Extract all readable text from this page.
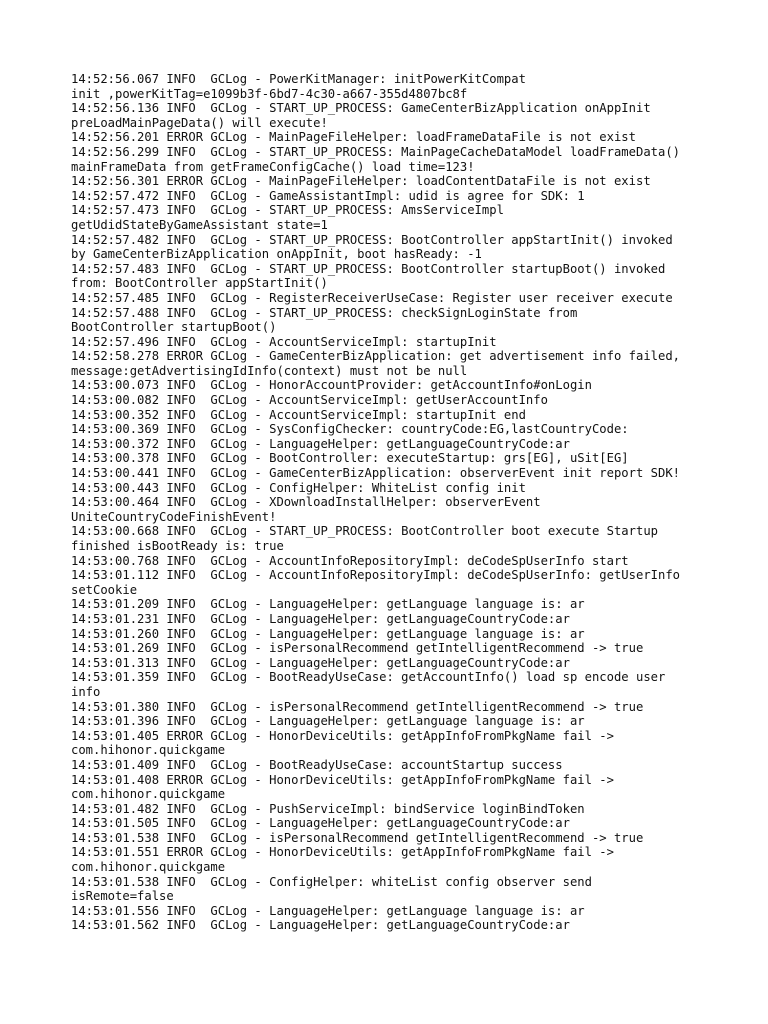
14:52:56.067 INFO  GCLog - PowerKitManager: initPowerKitCompat
init ,powerKitTag=e1099b3f-6bd7-4c30-a667-355d4807bc8f
14:52:56.136 INFO  GCLog - START_UP_PROCESS: GameCenterBizApplication onAppInit
preLoadMainPageData() will execute!
14:52:56.201 ERROR GCLog - MainPageFileHelper: loadFrameDataFile is not exist
14:52:56.299 INFO  GCLog - START_UP_PROCESS: MainPageCacheDataModel loadFrameData()
mainFrameData from getFrameConfigCache() load time=123!
14:52:56.301 ERROR GCLog - MainPageFileHelper: loadContentDataFile is not exist
14:52:57.472 INFO  GCLog - GameAssistantImpl: udid is agree for SDK: 1
14:52:57.473 INFO  GCLog - START_UP_PROCESS: AmsServiceImpl
getUdidStateByGameAssistant state=1
14:52:57.482 INFO  GCLog - START_UP_PROCESS: BootController appStartInit() invoked
by GameCenterBizApplication onAppInit, boot hasReady: -1
14:52:57.483 INFO  GCLog - START_UP_PROCESS: BootController startupBoot() invoked
from: BootController appStartInit()
14:52:57.485 INFO  GCLog - RegisterReceiverUseCase: Register user receiver execute
14:52:57.488 INFO  GCLog - START_UP_PROCESS: checkSignLoginState from
BootController startupBoot()
14:52:57.496 INFO  GCLog - AccountServiceImpl: startupInit
14:52:58.278 ERROR GCLog - GameCenterBizApplication: get advertisement info failed,
message:getAdvertisingIdInfo(context) must not be null
14:53:00.073 INFO  GCLog - HonorAccountProvider: getAccountInfo#onLogin
14:53:00.082 INFO  GCLog - AccountServiceImpl: getUserAccountInfo
14:53:00.352 INFO  GCLog - AccountServiceImpl: startupInit end
14:53:00.369 INFO  GCLog - SysConfigChecker: countryCode:EG,lastCountryCode:
14:53:00.372 INFO  GCLog - LanguageHelper: getLanguageCountryCode:ar
14:53:00.378 INFO  GCLog - BootController: executeStartup: grs[EG], uSit[EG]
14:53:00.441 INFO  GCLog - GameCenterBizApplication: observerEvent init report SDK!
14:53:00.443 INFO  GCLog - ConfigHelper: WhiteList config init
14:53:00.464 INFO  GCLog - XDownloadInstallHelper: observerEvent
UniteCountryCodeFinishEvent!
14:53:00.668 INFO  GCLog - START_UP_PROCESS: BootController boot execute Startup
finished isBootReady is: true
14:53:00.768 INFO  GCLog - AccountInfoRepositoryImpl: deCodeSpUserInfo start
14:53:01.112 INFO  GCLog - AccountInfoRepositoryImpl: deCodeSpUserInfo: getUserInfo
setCookie
14:53:01.209 INFO  GCLog - LanguageHelper: getLanguage language is: ar
14:53:01.231 INFO  GCLog - LanguageHelper: getLanguageCountryCode:ar
14:53:01.260 INFO  GCLog - LanguageHelper: getLanguage language is: ar
14:53:01.269 INFO  GCLog - isPersonalRecommend getIntelligentRecommend -> true
14:53:01.313 INFO  GCLog - LanguageHelper: getLanguageCountryCode:ar
14:53:01.359 INFO  GCLog - BootReadyUseCase: getAccountInfo() load sp encode user
info
14:53:01.380 INFO  GCLog - isPersonalRecommend getIntelligentRecommend -> true
14:53:01.396 INFO  GCLog - LanguageHelper: getLanguage language is: ar
14:53:01.405 ERROR GCLog - HonorDeviceUtils: getAppInfoFromPkgName fail ->
com.hihonor.quickgame
14:53:01.409 INFO  GCLog - BootReadyUseCase: accountStartup success
14:53:01.408 ERROR GCLog - HonorDeviceUtils: getAppInfoFromPkgName fail ->
com.hihonor.quickgame
14:53:01.482 INFO  GCLog - PushServiceImpl: bindService loginBindToken
14:53:01.505 INFO  GCLog - LanguageHelper: getLanguageCountryCode:ar
14:53:01.538 INFO  GCLog - isPersonalRecommend getIntelligentRecommend -> true
14:53:01.551 ERROR GCLog - HonorDeviceUtils: getAppInfoFromPkgName fail ->
com.hihonor.quickgame
14:53:01.538 INFO  GCLog - ConfigHelper: whiteList config observer send
isRemote=false
14:53:01.556 INFO  GCLog - LanguageHelper: getLanguage language is: ar
14:53:01.562 INFO  GCLog - LanguageHelper: getLanguageCountryCode:ar
